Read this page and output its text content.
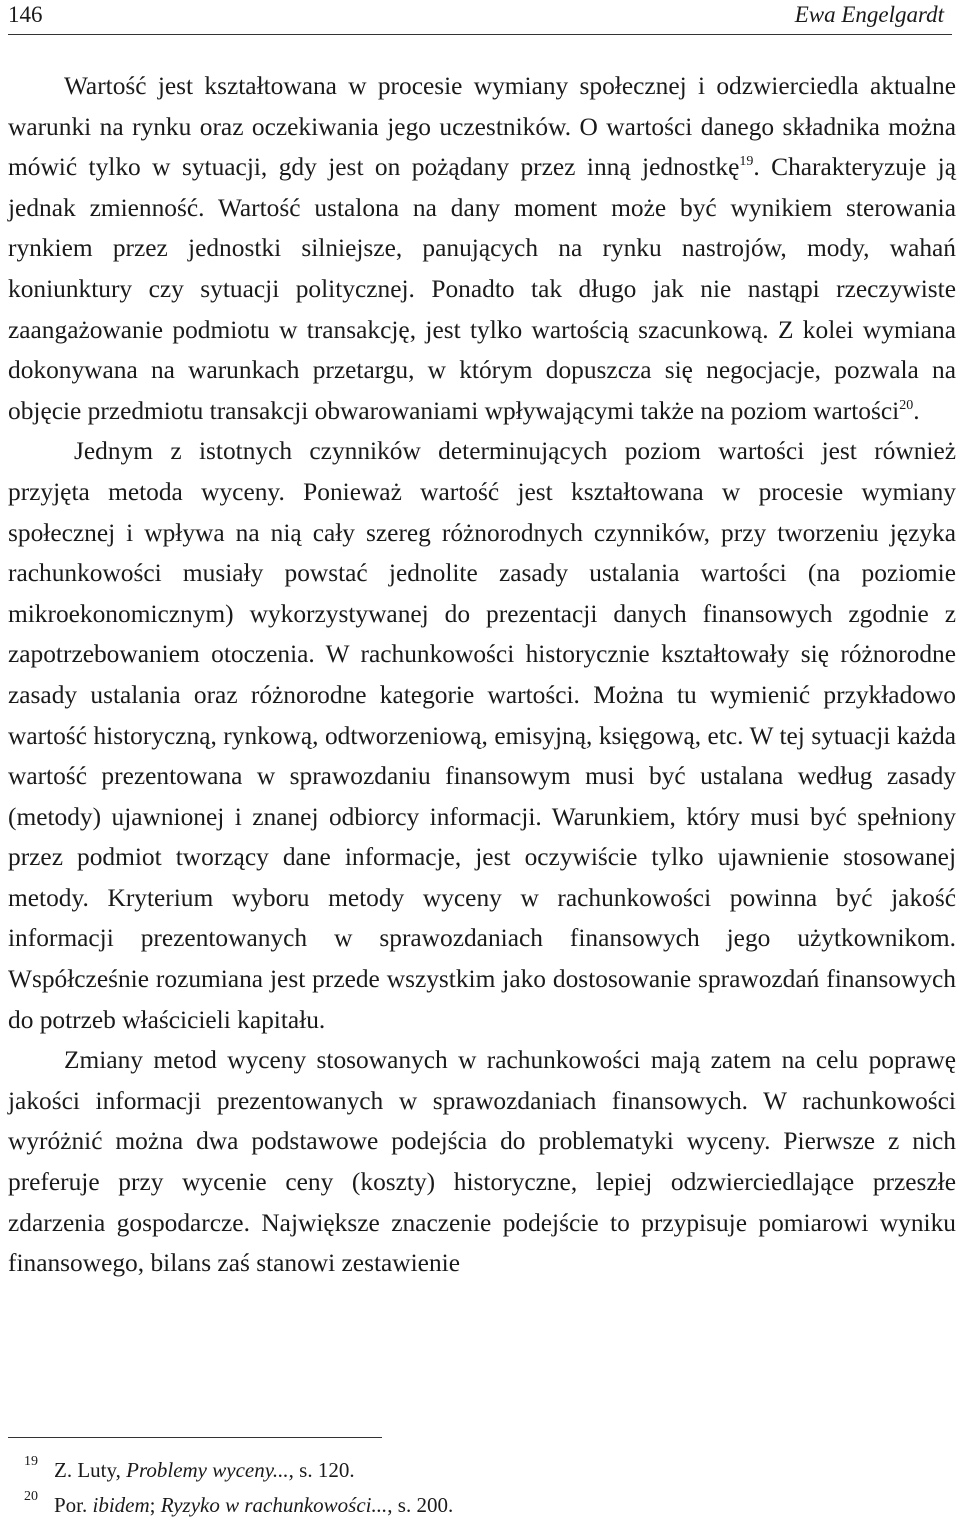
146	Ewa Engelgardt

Wartość jest kształtowana w procesie wymiany społecznej i odzwierciedla aktualne warunki na rynku oraz oczekiwania jego uczestników. O wartości danego składnika można mówić tylko w sytuacji, gdy jest on pożądany przez inną jednostkę$^{19}$. Charakteryzuje ją jednak zmienność. Wartość ustalona na dany moment może być wynikiem sterowania rynkiem przez jednostki silniejsze, panujących na rynku nastrojów, mody, wahań koniunktury czy sytuacji politycznej. Ponadto tak długo jak nie nastąpi rzeczywiste zaangażowanie podmiotu w transakcję, jest tylko wartością szacunkową. Z kolei wymiana dokonywana na warunkach przetargu, w którym dopuszcza się negocjacje, pozwala na objęcie przedmiotu transakcji obwarowaniami wpływającymi także na poziom wartości$^{20}$.

Jednym z istotnych czynników determinujących poziom wartości jest również przyjęta metoda wyceny. Ponieważ wartość jest kształtowana w procesie wymiany społecznej i wpływa na nią cały szereg różnorodnych czynników, przy tworzeniu języka rachunkowości musiały powstać jednolite zasady ustalania wartości (na poziomie mikroekonomicznym) wykorzystywanej do prezentacji danych finansowych zgodnie z zapotrzebowaniem otoczenia. W rachunkowości historycznie kształtowały się różnorodne zasady ustalania oraz różnorodne kategorie wartości. Można tu wymienić przykładowo wartość historyczną, rynkową, odtworzeniową, emisyjną, księgową, etc. W tej sytuacji każda wartość prezentowana w sprawozdaniu finansowym musi być ustalana według zasady (metody) ujawnionej i znanej odbiorcy informacji. Warunkiem, który musi być spełniony przez podmiot tworzący dane informacje, jest oczywiście tylko ujawnienie stosowanej metody. Kryterium wyboru metody wyceny w rachunkowości powinna być jakość informacji prezentowanych w sprawozdaniach finansowych jego użytkownikom. Współcześnie rozumiana jest przede wszystkim jako dostosowanie sprawozdań finansowych do potrzeb właścicieli kapitału.

Zmiany metod wyceny stosowanych w rachunkowości mają zatem na celu poprawę jakości informacji prezentowanych w sprawozdaniach finansowych. W rachunkowości wyróżnić można dwa podstawowe podejścia do problematyki wyceny. Pierwsze z nich preferuje przy wycenie ceny (koszty) historyczne, lepiej odzwierciedlające przeszłe zdarzenia gospodarcze. Największe znaczenie podejście to przypisuje pomiarowi wyniku finansowego, bilans zaś stanowi zestawienie

19 Z. Luty, Problemy wyceny..., s. 120.
20 Por. ibidem; Ryzyko w rachunkowości..., s. 200.
